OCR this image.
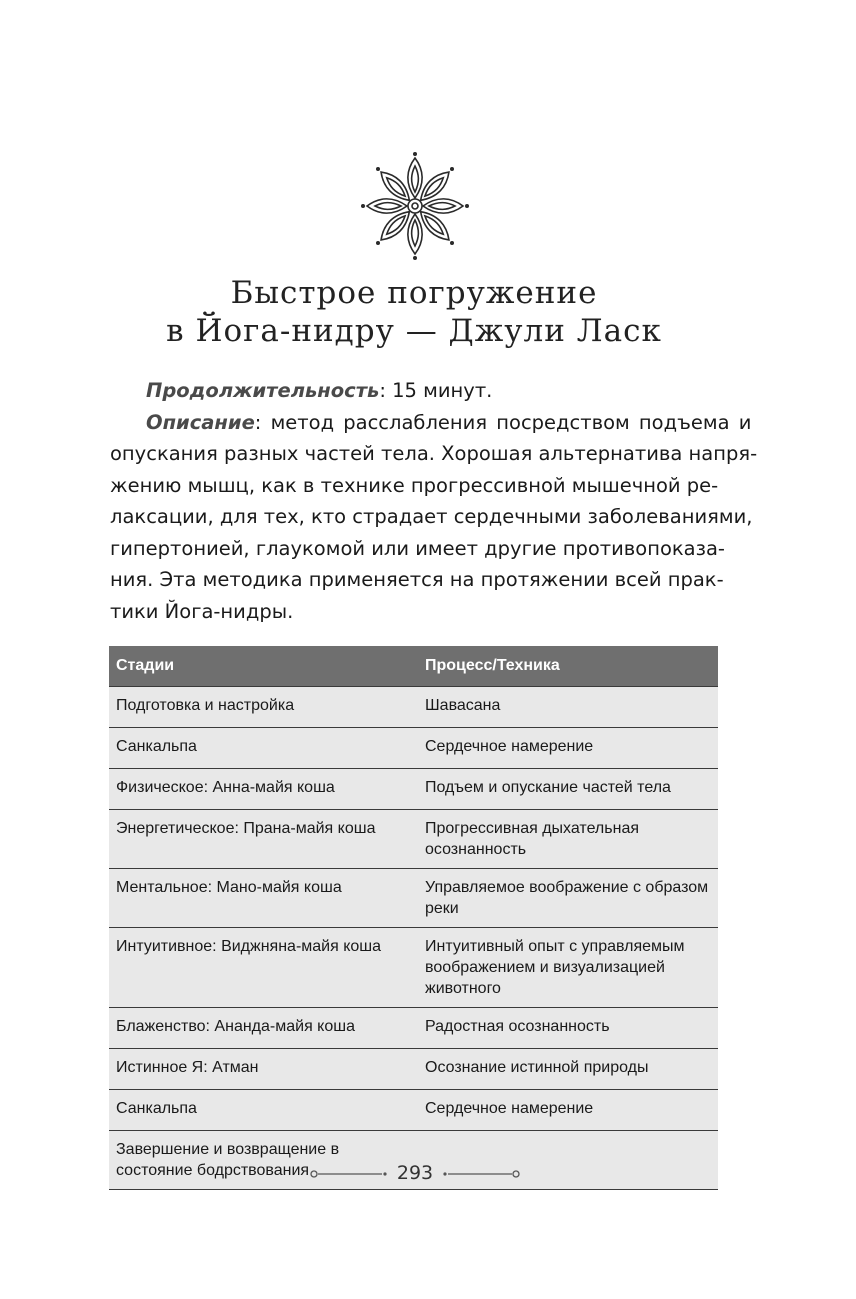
Быстрое погружение
в Йога-нидру — Джули Ласк
Продолжительность : 15 минут.
Описание : метод расслабления посредством подъема и
опускания разных частей тела. Хорошая альтернатива напря-
жению мышц, как в технике прогрессивной мышечной ре-
лаксации, для тех, кто страдает сердечными заболеваниями,
гипертонией, глаукомой или имеет другие противопоказа-
ния. Эта методика применяется на протяжении всей прак-
тики Йога-нидры.
Стадии	Процесс/Техника
Подготовка и настройка	Шавасана
Санкальпа	Сердечное намерение
Физическое: Анна-майя коша	Подъем и опускание частей тела
Энергетическое: Прана-майя коша	Прогрессивная дыхательная осознанность
Ментальное: Мано-майя коша	Управляемое воображение с образом реки
Интуитивное: Виджняна-майя коша	Интуитивный опыт с управляемым воображением и визуализацией животного
Блаженство: Ананда-майя коша	Радостная осознанность
Истинное Я: Атман	Осознание истинной природы
Санкальпа	Сердечное намерение
Завершение и возвращение в состояние бодрствования		293
